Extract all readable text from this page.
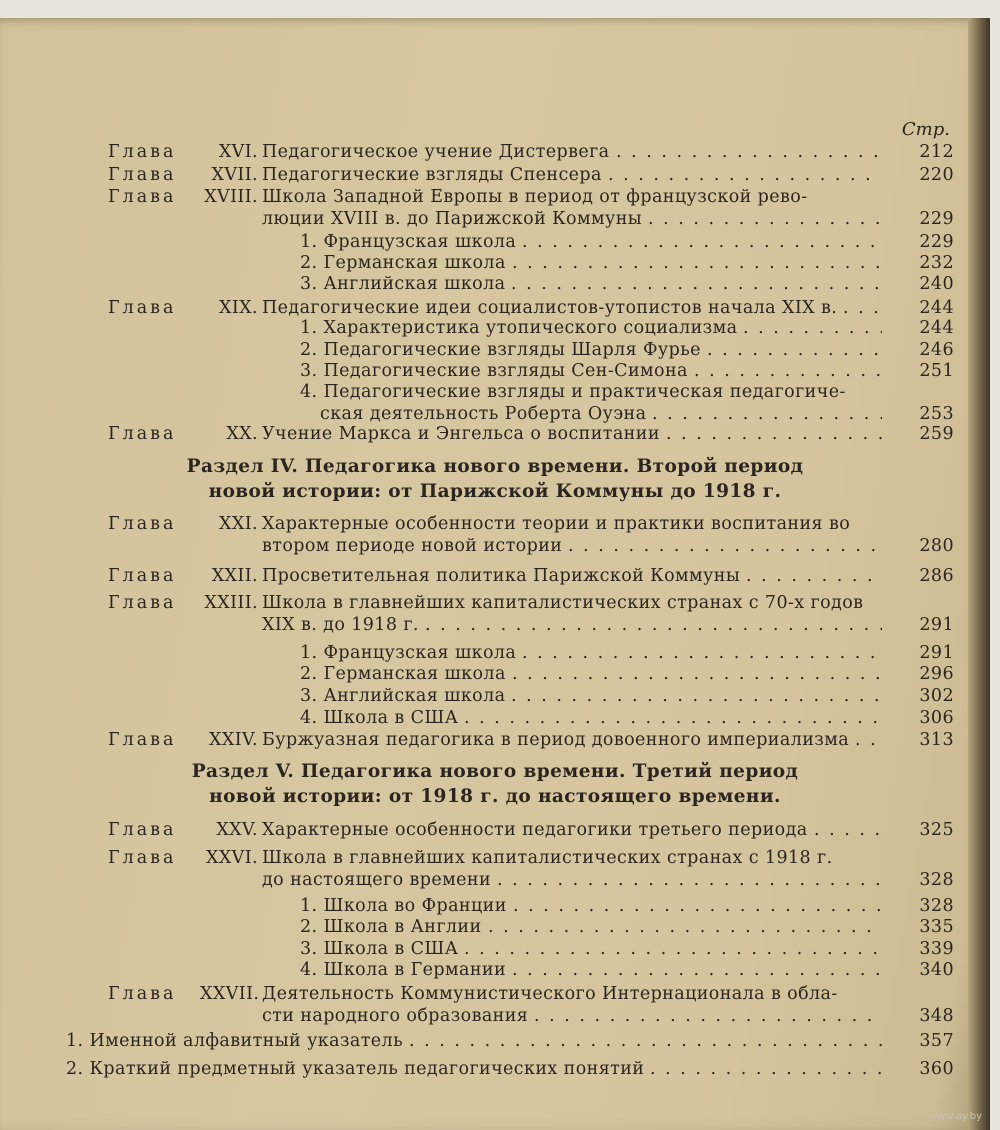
Стр.
Глава	XVI. Педагогическое учение Дистервега	212
Глава	XVII. Педагогические взгляды Спенсера	220
Глава XVIII. Школа Западной Европы в период от французской рево-
люции XVIII в. до Парижской Коммуны	229
1. Французская школа	229
2. Германская школа	232
3. Английская школа	240
Глава	XIX. Педагогические идеи социалистов-утопистов начала XIX в.	244
1. Характеристика утопического социализма	244
2. Педагогические взгляды Шарля Фурье	246
3. Педагогические взгляды Сен-Симона	251
4. Педагогические взгляды и практическая педагогиче-
ская деятельность Роберта Оуэна	253
Глава	XX. Учение Маркса и Энгельса о воспитании	259
Раздел IV. Педагогика нового времени. Второй период
новой истории: от Парижской Коммуны до 1918 г.
Глава	XXI. Характерные особенности теории и практики воспитания во
втором периоде новой истории	280
Глава	XXII. Просветительная политика Парижской Коммуны	286
Глава XXIII. Школа в главнейших капиталистических странах с 70-х годов
XIX в. до 1918 г.	291
1. Французская школа	291
2. Германская школа	296
3. Английская школа	302
4. Школа в США	306
Глава	XXIV. Буржуазная педагогика в период довоенного империализма	313
Раздел V. Педагогика нового времени. Третий период
новой истории: от 1918 г. до настоящего времени.
Глава	XXV. Характерные особенности педагогики третьего периода	325
Глава	XXVI. Школа в главнейших капиталистических странах с 1918 г.
до настоящего времени	328
1. Школа во Франции	328
2. Школа в Англии	335
3. Школа в США	339
4. Школа в Германии	340
Глава XXVII. Деятельность Коммунистического Интернационала в обла-
сти народного образования	348
1. Именной алфавитный указатель	357
2. Краткий предметный указатель педагогических понятий	360
. . .
. . .
. . .
. . .
. . .
. . .
. . .
. . .
. . .
. . .
. . .
. . .
. . .
. . .
. . .
. . .
. . .
. . .
. . .
. . .
. . .
. . .
. . .
. . .
. . .
. . .
. . .
. . .
. . .
www.ay.by
